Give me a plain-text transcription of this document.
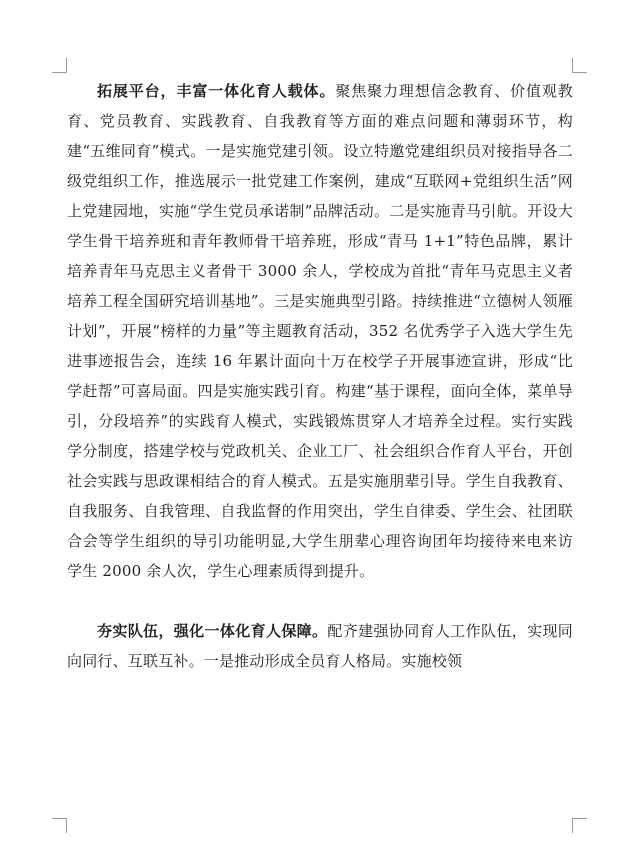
拓展平台，丰富一体化育人载体。聚焦聚力理想信念教育、价值观教育、党员教育、实践教育、自我教育等方面的难点问题和薄弱环节，构建“五维同育”模式。一是实施党建引领。设立特邀党建组织员对接指导各二级党组织工作，推选展示一批党建工作案例，建成“互联网+党组织生活”网上党建园地，实施“学生党员承诺制”品牌活动。二是实施青马引航。开设大学生骨干培养班和青年教师骨干培养班，形成“青马 1+1”特色品牌，累计培养青年马克思主义者骨干 3000 余人，学校成为首批“青年马克思主义者培养工程全国研究培训基地”。三是实施典型引路。持续推进“立德树人领雁计划”，开展“榜样的力量”等主题教育活动，352 名优秀学子入选大学生先进事迹报告会，连续 16 年累计面向十万在校学子开展事迹宣讲，形成“比学赶帮”可喜局面。四是实施实践引育。构建“基于课程，面向全体，菜单导引，分段培养”的实践育人模式，实践锻炼贯穿人才培养全过程。实行实践学分制度，搭建学校与党政机关、企业工厂、社会组织合作育人平台，开创社会实践与思政课相结合的育人模式。五是实施朋辈引导。学生自我教育、自我服务、自我管理、自我监督的作用突出，学生自律委、学生会、社团联合会等学生组织的导引功能明显,大学生朋辈心理咨询团年均接待来电来访学生 2000 余人次，学生心理素质得到提升。

夯实队伍，强化一体化育人保障。配齐建强协同育人工作队伍，实现同向同行、互联互补。一是推动形成全员育人格局。实施校领
